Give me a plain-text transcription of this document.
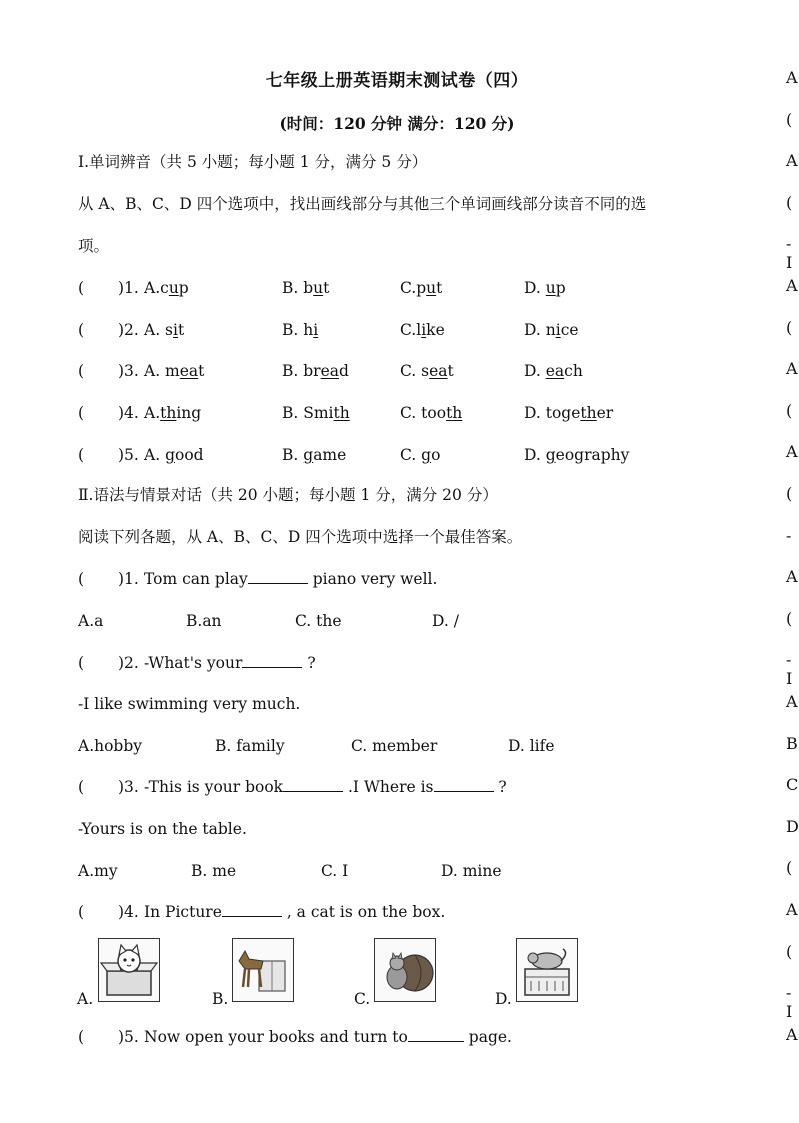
七年级上册英语期末测试卷（四）
(时间：120 分钟 满分：120 分)
I.单词辨音（共 5 小题；每小题 1 分，满分 5 分）
从 A、B、C、D 四个选项中，找出画线部分与其他三个单词画线部分读音不同的选
项。
( )1. A.cup	B. but	C.put	D. up
( )2. A. sit	B. hi	C.like	D. nice
( )3. A. meat	B. bread	C. seat	D. each
( )4. A.thing	B. Smith	C. tooth	D. together
( )5. A. good	B. game	C. go	D. geography
Ⅱ.语法与情景对话（共 20 小题；每小题 1 分，满分 20 分）
阅读下列各题，从 A、B、C、D 四个选项中选择一个最佳答案。
( )1. Tom can play	piano very well.
A.a	B.an	C. the	D. /
( )2. -What's your	?
-I like swimming very much.
A.hobby	B. family	C. member	D. life
( )3. -This is your book	.I Where is	?
-Yours is on the table.
A.my	B. me	C. I	D. mine
( )4. In Picture	, a cat is on the box.
A.	B.	C.	D.
( )5. Now open your books and turn to	page.
A
(
A
(
-I
A
(
A
(
A
(
-
A
(
-I
A
B
C
D
(
A
(
-I
A
